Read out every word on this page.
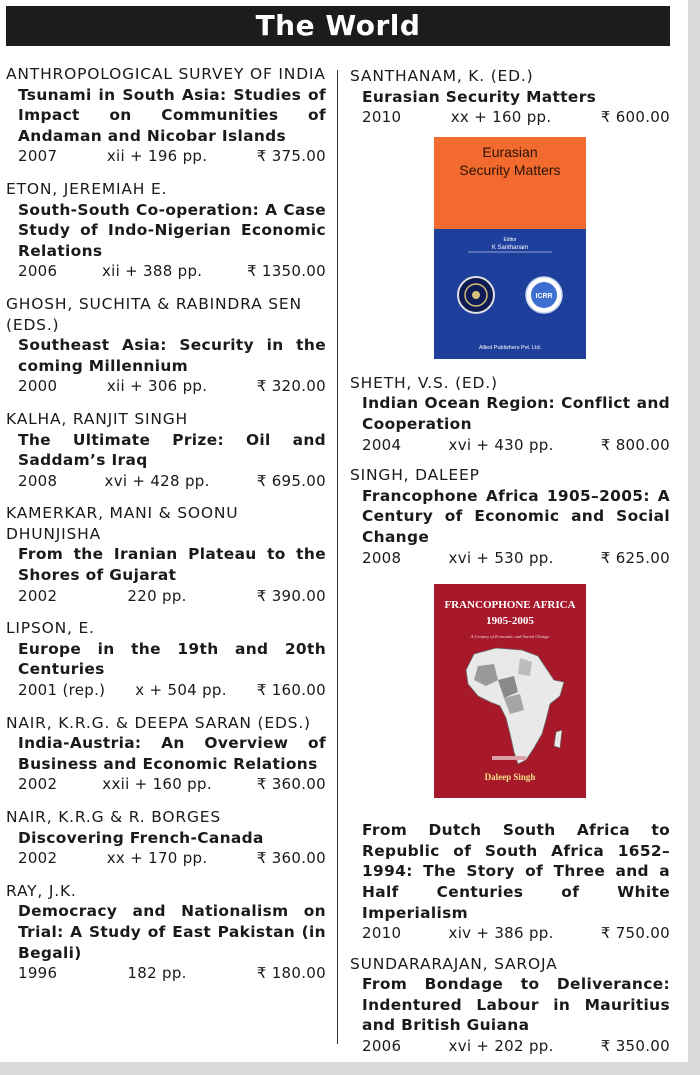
The World
ANTHROPOLOGICAL SURVEY OF INDIA
Tsunami in South Asia: Studies of Impact on Communities of Andaman and Nicobar Islands
2007	xii + 196 pp.	₹ 375.00
ETON, JEREMIAH E.
South-South Co-operation: A Case Study of Indo-Nigerian Economic Relations
2006	xii + 388 pp.	₹ 1350.00
GHOSH, SUCHITA & RABINDRA SEN (EDS.)
Southeast Asia: Security in the coming Millennium
2000	xii + 306 pp.	₹ 320.00
KALHA, RANJIT SINGH
The Ultimate Prize: Oil and Saddam’s Iraq
2008	xvi + 428 pp.	₹ 695.00
KAMERKAR, MANI & SOONU DHUNJISHA
From the Iranian Plateau to the Shores of Gujarat
2002	220 pp.	₹ 390.00
LIPSON, E.
Europe in the 19th and 20th Centuries
2001 (rep.) x + 504 pp. ₹ 160.00
NAIR, K.R.G. & DEEPA SARAN (EDS.)
India-Austria: An Overview of Business and Economic Relations
2002	xxii + 160 pp.	₹ 360.00
NAIR, K.R.G & R. BORGES
Discovering French-Canada
2002	xx + 170 pp.	₹ 360.00
RAY, J.K.
Democracy and Nationalism on Trial: A Study of East Pakistan (in Begali)
1996	182 pp.	₹ 180.00
SANTHANAM, K. (ED.)
Eurasian Security Matters
2010	xx + 160 pp.	₹ 600.00
Eurasian
Security Matters
Editor
K Santhanam
ICRR
Allied Publishers Pvt. Ltd.
SHETH, V.S. (ED.)
Indian Ocean Region: Conflict and Cooperation
2004	xvi + 430 pp.	₹ 800.00
SINGH, DALEEP
Francophone Africa 1905–2005: A Century of Economic and Social Change
2008	xvi + 530 pp.	₹ 625.00
FRANCOPHONE AFRICA
1905-2005
A Century of Economic and Social Change
Daleep Singh
From Dutch South Africa to Republic of South Africa 1652–1994: The Story of Three and a Half Centuries of White Imperialism
2010	xiv + 386 pp.	₹ 750.00
SUNDARARAJAN, SAROJA
From Bondage to Deliverance: Indentured Labour in Mauritius and British Guiana
2006	xvi + 202 pp.	₹ 350.00
